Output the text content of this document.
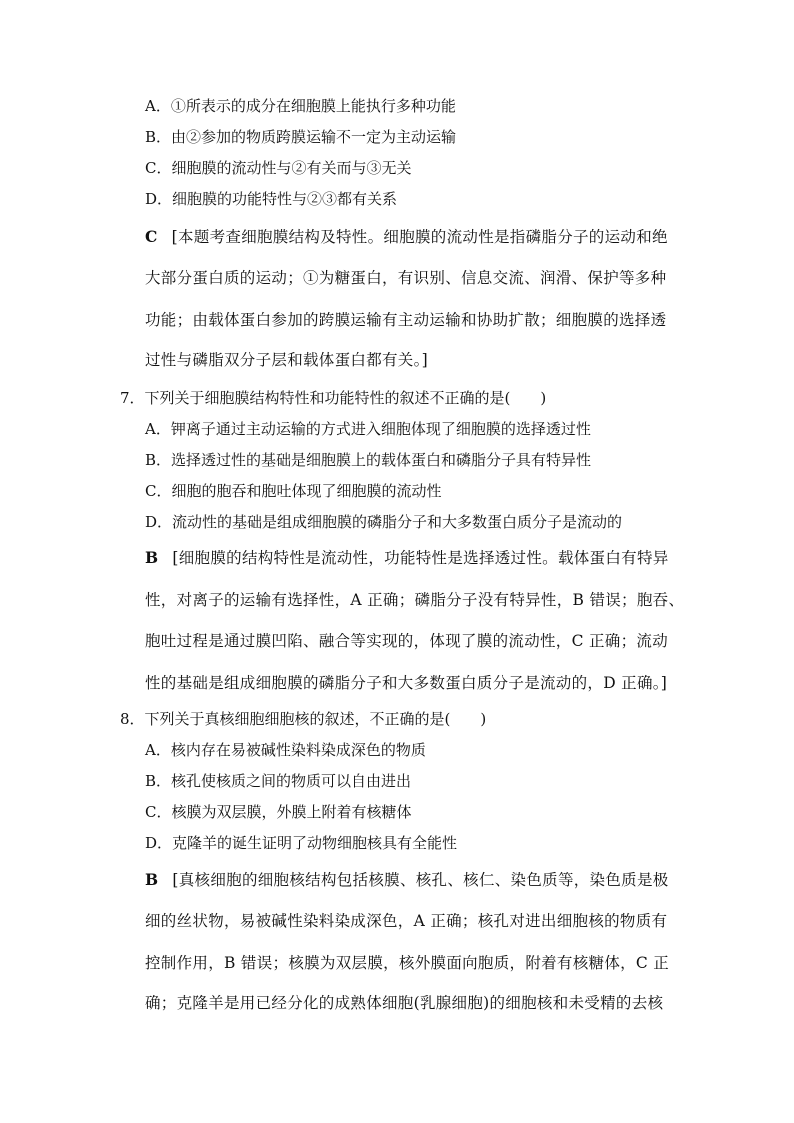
A．①所表示的成分在细胞膜上能执行多种功能
B．由②参加的物质跨膜运输不一定为主动运输
C．细胞膜的流动性与②有关而与③无关
D．细胞膜的功能特性与②③都有关系
C [本题考查细胞膜结构及特性。细胞膜的流动性是指磷脂分子的运动和绝
大部分蛋白质的运动；①为糖蛋白，有识别、信息交流、润滑、保护等多种
功能；由载体蛋白参加的跨膜运输有主动运输和协助扩散；细胞膜的选择透
过性与磷脂双分子层和载体蛋白都有关。]
7．下列关于细胞膜结构特性和功能特性的叙述不正确的是(　　)
A．钾离子通过主动运输的方式进入细胞体现了细胞膜的选择透过性
B．选择透过性的基础是细胞膜上的载体蛋白和磷脂分子具有特异性
C．细胞的胞吞和胞吐体现了细胞膜的流动性
D．流动性的基础是组成细胞膜的磷脂分子和大多数蛋白质分子是流动的
B [细胞膜的结构特性是流动性，功能特性是选择透过性。载体蛋白有特异
性，对离子的运输有选择性，A 正确；磷脂分子没有特异性，B 错误；胞吞、
胞吐过程是通过膜凹陷、融合等实现的，体现了膜的流动性，C 正确；流动
性的基础是组成细胞膜的磷脂分子和大多数蛋白质分子是流动的，D 正确。]
8．下列关于真核细胞细胞核的叙述，不正确的是(　　)
A．核内存在易被碱性染料染成深色的物质
B．核孔使核质之间的物质可以自由进出
C．核膜为双层膜，外膜上附着有核糖体
D．克隆羊的诞生证明了动物细胞核具有全能性
B [真核细胞的细胞核结构包括核膜、核孔、核仁、染色质等，染色质是极
细的丝状物，易被碱性染料染成深色，A 正确；核孔对进出细胞核的物质有
控制作用，B 错误；核膜为双层膜，核外膜面向胞质，附着有核糖体，C 正
确；克隆羊是用已经分化的成熟体细胞(乳腺细胞)的细胞核和未受精的去核
